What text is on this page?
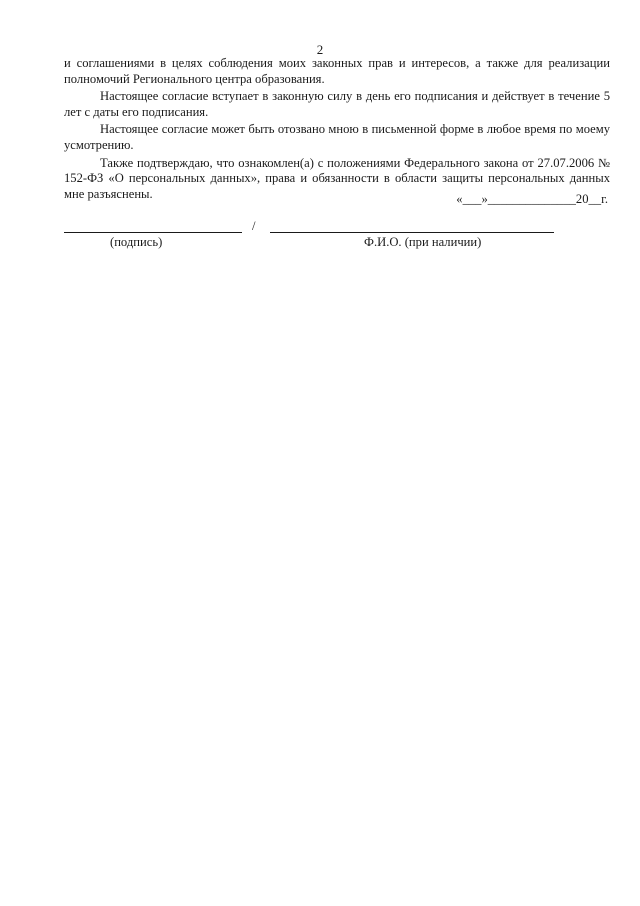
2

и соглашениями в целях соблюдения моих законных прав и интересов, а также для реализации полномочий Регионального центра образования.

Настоящее согласие вступает в законную силу в день его подписания и действует в течение 5 лет с даты его подписания.

Настоящее согласие может быть отозвано мною в письменной форме в любое время по моему усмотрению.

Также подтверждаю, что ознакомлен(а) с положениями Федерального закона от 27.07.2006 № 152-ФЗ «О персональных данных», права и обязанности в области защиты персональных данных мне разъяснены.	«___»______________20__г.
/
(подпись)	Ф.И.О. (при наличии)
